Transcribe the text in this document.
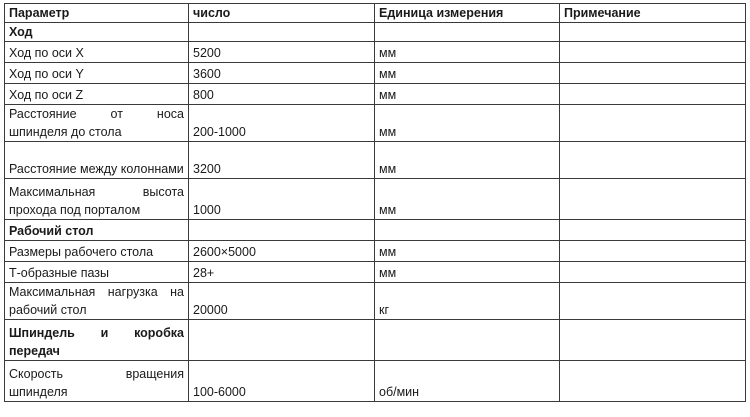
Параметр	число	Единица измерения	Примечание
Ход			
Ход по оси X	5200	мм	
Ход по оси Y	3600	мм	
Ход по оси Z	800	мм	
Расстояние от носа шпинделя до стола	200-1000	мм	
Расстояние между колоннами	3200	мм	
Максимальная высота прохода под порталом	1000	мм	
Рабочий стол			
Размеры рабочего стола	2600×5000	мм	
Т-образные пазы	28+	мм	
Максимальная нагрузка на рабочий стол	20000	кг	
Шпиндель и коробка передач			
Скорость вращения шпинделя	100-6000	об/мин	
